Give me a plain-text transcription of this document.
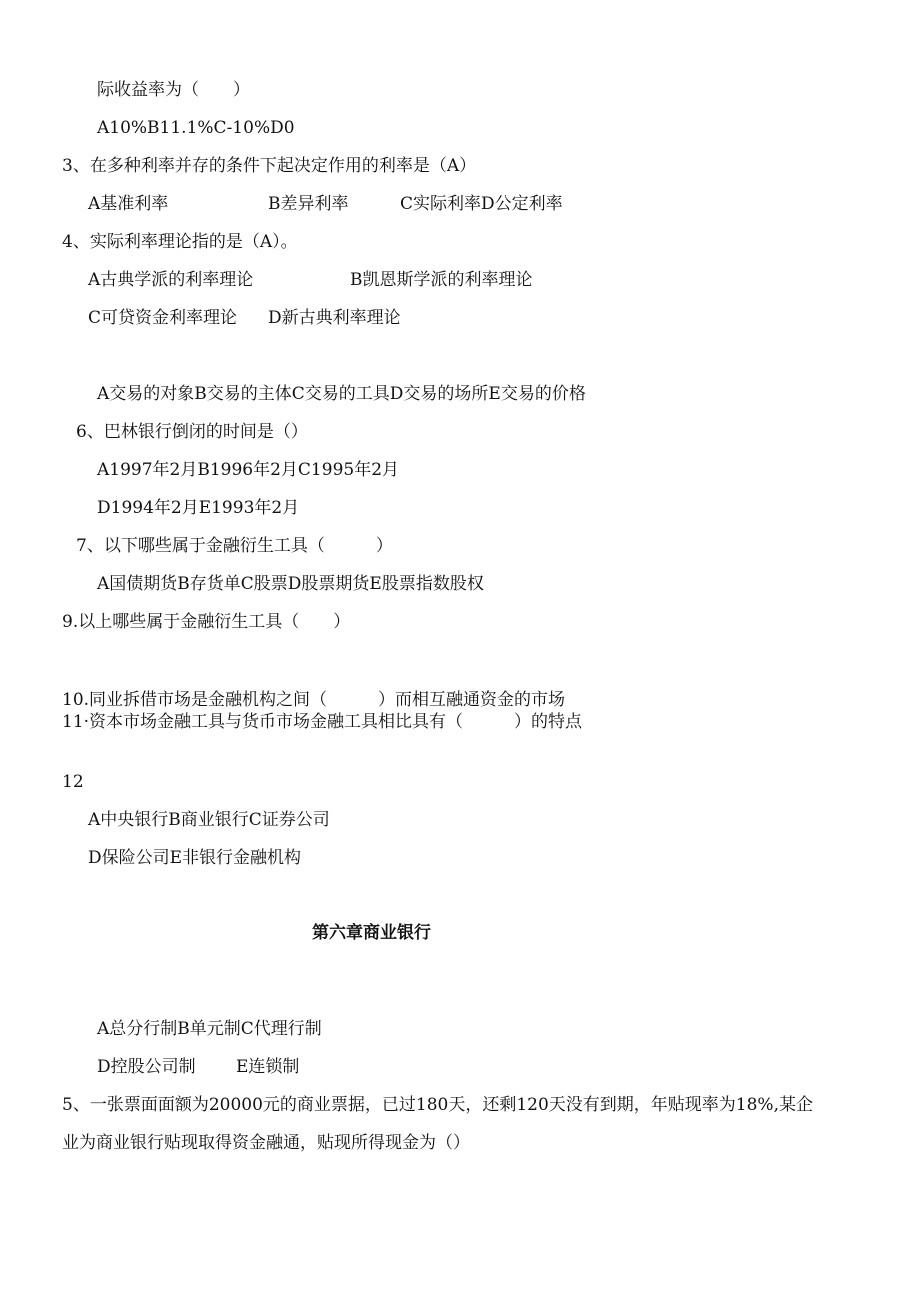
际收益率为（　　）
A10%B11.1%C-10%D0
3、在多种利率并存的条件下起决定作用的利率是（A）
A基准利率	B差异利率	C实际利率D公定利率
4、实际利率理论指的是（A）。
A古典学派的利率理论	B凯恩斯学派的利率理论
C可贷资金利率理论 D新古典利率理论
A交易的对象B交易的主体C交易的工具D交易的场所E交易的价格
6、巴林银行倒闭的时间是（）
A1997年2月B1996年2月C1995年2月
D1994年2月E1993年2月
7、以下哪些属于金融衍生工具（　　　）
A国债期货B存货单C股票D股票期货E股票指数股权
9.以上哪些属于金融衍生工具（　　）
10.同业拆借市场是金融机构之间（　　　）而相互融通资金的市场
11·资本市场金融工具与货币市场金融工具相比具有（　　　）的特点
12
A中央银行B商业银行C证券公司
D保险公司E非银行金融机构
第六章商业银行
A总分行制B单元制C代理行制
D控股公司制 E连锁制
5、一张票面面额为20000元的商业票据，已过180天，还剩120天没有到期，年贴现率为18%,某企
业为商业银行贴现取得资金融通，贴现所得现金为（）
